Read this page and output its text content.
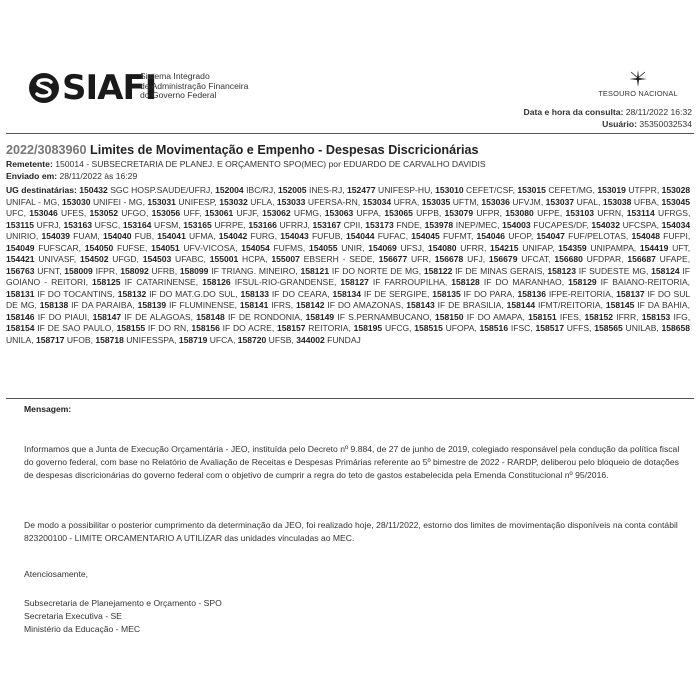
SIAFI
Sistema Integrado
de Administração Financeira
do Governo Federal	TESOURO NACIONAL
Data e hora da consulta: 28/11/2022 16:32
Usuário: 35350032534
2022/3083960 Limites de Movimentação e Empenho - Despesas Discricionárias
Remetente: 150014 - SUBSECRETARIA DE PLANEJ. E ORÇAMENTO SPO(MEC) por EDUARDO DE CARVALHO DAVIDIS
Enviado em: 28/11/2022 às 16:29
UG destinatárias: 150432 SGC HOSP.SAUDE/UFRJ, 152004 IBC/RJ, 152005 INES-RJ, 152477 UNIFESP-HU, 153010 CEFET/CSF, 153015 CEFET/MG, 153019 UTFPR, 153028 UNIFAL - MG, 153030 UNIFEI - MG, 153031 UNIFESP, 153032 UFLA, 153033 UFERSA-RN, 153034 UFRA, 153035 UFTM, 153036 UFVJM, 153037 UFAL, 153038 UFBA, 153045 UFC, 153046 UFES, 153052 UFGO, 153056 UFF, 153061 UFJF, 153062 UFMG, 153063 UFPA, 153065 UFPB, 153079 UFPR, 153080 UFPE, 153103 UFRN, 153114 UFRGS, 153115 UFRJ, 153163 UFSC, 153164 UFSM, 153165 UFRPE, 153166 UFRRJ, 153167 CPII, 153173 FNDE, 153978 INEP/MEC, 154003 FUCAPES/DF, 154032 UFCSPA, 154034 UNIRIO, 154039 FUAM, 154040 FUB, 154041 UFMA, 154042 FURG, 154043 FUFUB, 154044 FUFAC, 154045 FUFMT, 154046 UFOP, 154047 FUF/PELOTAS, 154048 FUFPI, 154049 FUFSCAR, 154050 FUFSE, 154051 UFV-VICOSA, 154054 FUFMS, 154055 UNIR, 154069 UFSJ, 154080 UFRR, 154215 UNIFAP, 154359 UNIPAMPA, 154419 UFT, 154421 UNIVASF, 154502 UFGD, 154503 UFABC, 155001 HCPA, 155007 EBSERH - SEDE, 156677 UFR, 156678 UFJ, 156679 UFCAT, 156680 UFDPAR, 156687 UFAPE, 156763 UFNT, 158009 IFPR, 158092 UFRB, 158099 IF TRIANG. MINEIRO, 158121 IF DO NORTE DE MG, 158122 IF DE MINAS GERAIS, 158123 IF SUDESTE MG, 158124 IF GOIANO - REITORI, 158125 IF CATARINENSE, 158126 IFSUL-RIO-GRANDENSE, 158127 IF FARROUPILHA, 158128 IF DO MARANHAO, 158129 IF BAIANO-REITORIA, 158131 IF DO TOCANTINS, 158132 IF DO MAT.G.DO SUL, 158133 IF DO CEARA, 158134 IF DE SERGIPE, 158135 IF DO PARA, 158136 IFPE-REITORIA, 158137 IF DO SUL DE MG, 158138 IF DA PARAIBA, 158139 IF FLUMINENSE, 158141 IFRS, 158142 IF DO AMAZONAS, 158143 IF DE BRASILIA, 158144 IFMT/REITORIA, 158145 IF DA BAHIA, 158146 IF DO PIAUI, 158147 IF DE ALAGOAS, 158148 IF DE RONDONIA, 158149 IF S.PERNAMBUCANO, 158150 IF DO AMAPA, 158151 IFES, 158152 IFRR, 158153 IFG, 158154 IF DE SAO PAULO, 158155 IF DO RN, 158156 IF DO ACRE, 158157 REITORIA, 158195 UFCG, 158515 UFOPA, 158516 IFSC, 158517 UFFS, 158565 UNILAB, 158658 UNILA, 158717 UFOB, 158718 UNIFESSPA, 158719 UFCA, 158720 UFSB, 344002 FUNDAJ
Mensagem:
Informamos que a Junta de Execução Orçamentária - JEO, instituída pelo Decreto nº 9.884, de 27 de junho de 2019, colegiado responsável pela condução da política fiscal do governo federal, com base no Relatório de Avaliação de Receitas e Despesas Primárias referente ao 5º bimestre de 2022 - RARDP, deliberou pelo bloqueio de dotações de despesas discricionárias do governo federal com o objetivo de cumprir a regra do teto de gastos estabelecida pela Emenda Constitucional nº 95/2016.
De modo a possibilitar o posterior cumprimento da determinação da JEO, foi realizado hoje, 28/11/2022, estorno dos limites de movimentação disponíveis na conta contábil 823200100 - LIMITE ORCAMENTARIO A UTILIZAR das unidades vinculadas ao MEC.
Atenciosamente,
Subsecretaria de Planejamento e Orçamento - SPO
Secretaria Executiva - SE
Ministério da Educação - MEC
